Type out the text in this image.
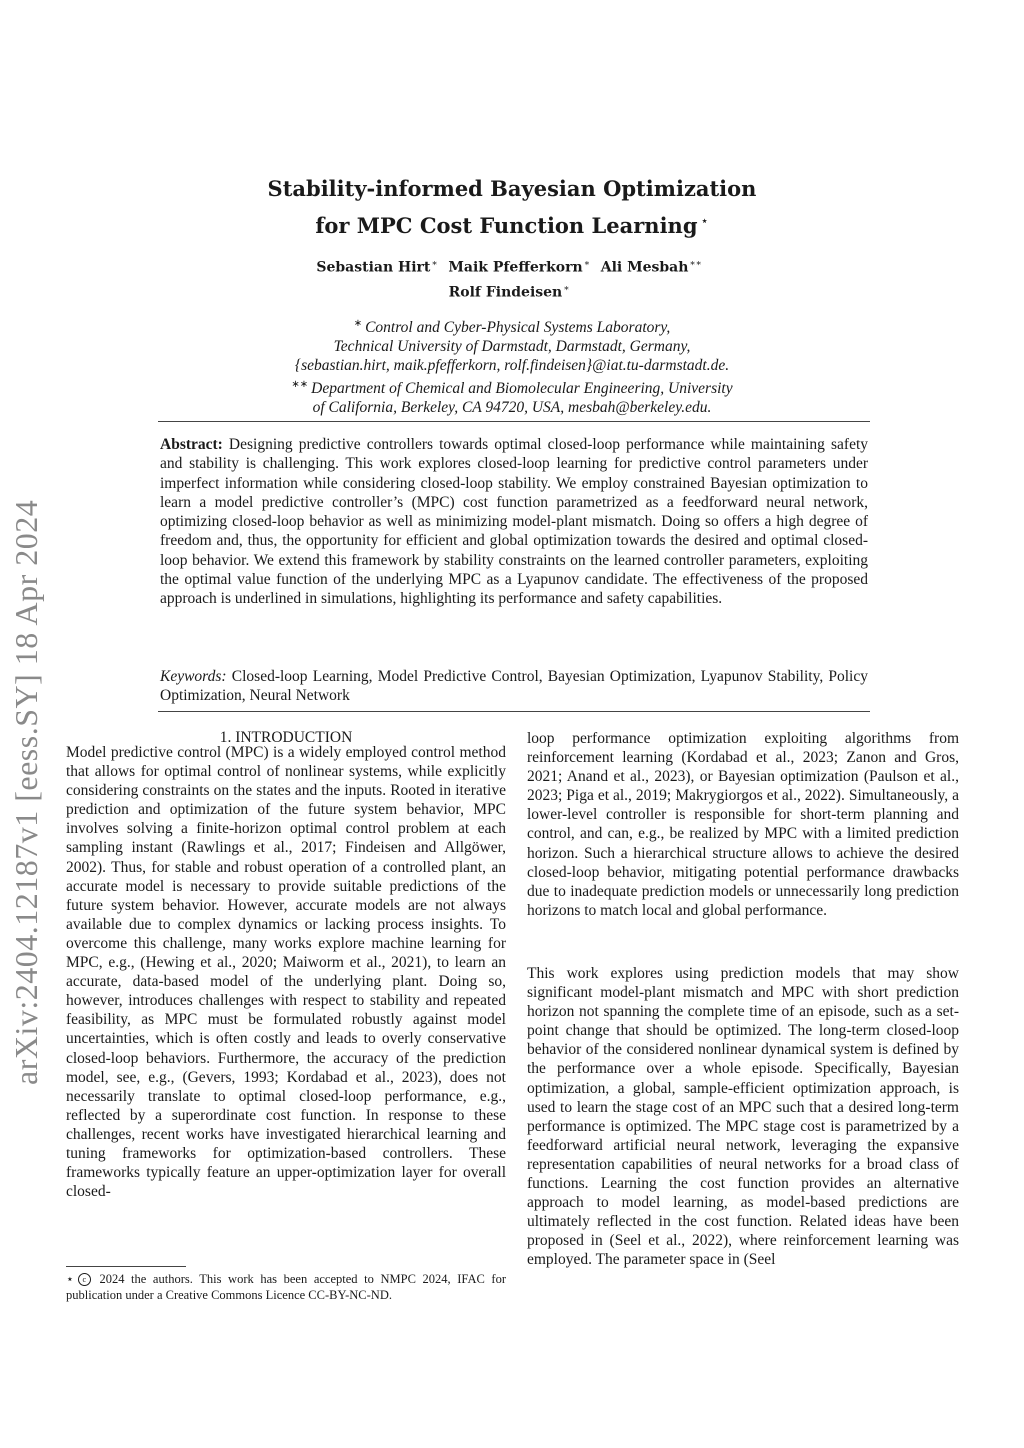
arXiv:2404.12187v1 [eess.SY] 18 Apr 2024
Stability-informed Bayesian Optimization
for MPC Cost Function Learning ⋆
Sebastian Hirt∗ Maik Pfefferkorn∗ Ali Mesbah∗∗
Rolf Findeisen∗
∗ Control and Cyber-Physical Systems Laboratory,
Technical University of Darmstadt, Darmstadt, Germany,
{sebastian.hirt, maik.pfefferkorn, rolf.findeisen}@iat.tu-darmstadt.de.
∗∗ Department of Chemical and Biomolecular Engineering, University
of California, Berkeley, CA 94720, USA, mesbah@berkeley.edu.
Abstract: Designing predictive controllers towards optimal closed-loop performance while maintaining safety and stability is challenging. This work explores closed-loop learning for predictive control parameters under imperfect information while considering closed-loop stability. We employ constrained Bayesian optimization to learn a model predictive controller’s (MPC) cost function parametrized as a feedforward neural network, optimizing closed-loop behavior as well as minimizing model-plant mismatch. Doing so offers a high degree of freedom and, thus, the opportunity for efficient and global optimization towards the desired and optimal closed-loop behavior. We extend this framework by stability constraints on the learned controller parameters, exploiting the optimal value function of the underlying MPC as a Lyapunov candidate. The effectiveness of the proposed approach is underlined in simulations, highlighting its performance and safety capabilities.
Keywords: Closed-loop Learning, Model Predictive Control, Bayesian Optimization, Lyapunov Stability, Policy Optimization, Neural Network
1. INTRODUCTION
Model predictive control (MPC) is a widely employed control method that allows for optimal control of nonlinear systems, while explicitly considering constraints on the states and the inputs. Rooted in iterative prediction and optimization of the future system behavior, MPC involves solving a finite-horizon optimal control problem at each sampling instant (Rawlings et al., 2017; Findeisen and Allgöwer, 2002). Thus, for stable and robust operation of a controlled plant, an accurate model is necessary to provide suitable predictions of the future system behavior. However, accurate models are not always available due to complex dynamics or lacking process insights. To overcome this challenge, many works explore machine learning for MPC, e.g., (Hewing et al., 2020; Maiworm et al., 2021), to learn an accurate, data-based model of the underlying plant. Doing so, however, introduces challenges with respect to stability and repeated feasibility, as MPC must be formulated robustly against model uncertainties, which is often costly and leads to overly conservative closed-loop behaviors. Furthermore, the accuracy of the prediction model, see, e.g., (Gevers, 1993; Kordabad et al., 2023), does not necessarily translate to optimal closed-loop performance, e.g., reflected by a superordinate cost function. In response to these challenges, recent works have investigated hierarchical learning and tuning frameworks for optimization-based controllers. These frameworks typically feature an upper-optimization layer for overall closed-
loop performance optimization exploiting algorithms from reinforcement learning (Kordabad et al., 2023; Zanon and Gros, 2021; Anand et al., 2023), or Bayesian optimization (Paulson et al., 2023; Piga et al., 2019; Makrygiorgos et al., 2022). Simultaneously, a lower-level controller is responsible for short-term planning and control, and can, e.g., be realized by MPC with a limited prediction horizon. Such a hierarchical structure allows to achieve the desired closed-loop behavior, mitigating potential performance drawbacks due to inadequate prediction models or unnecessarily long prediction horizons to match local and global performance.
This work explores using prediction models that may show significant model-plant mismatch and MPC with short prediction horizon not spanning the complete time of an episode, such as a set-point change that should be optimized. The long-term closed-loop behavior of the considered nonlinear dynamical system is defined by the performance over a whole episode. Specifically, Bayesian optimization, a global, sample-efficient optimization approach, is used to learn the stage cost of an MPC such that a desired long-term performance is optimized. The MPC stage cost is parametrized by a feedforward artificial neural network, leveraging the expansive representation capabilities of neural networks for a broad class of functions. Learning the cost function provides an alternative approach to model learning, as model-based predictions are ultimately reflected in the cost function. Related ideas have been proposed in (Seel et al., 2022), where reinforcement learning was employed. The parameter space in (Seel
⋆c 2024 the authors. This work has been accepted to NMPC 2024, IFAC for publication under a Creative Commons Licence CC-BY-NC-ND.
